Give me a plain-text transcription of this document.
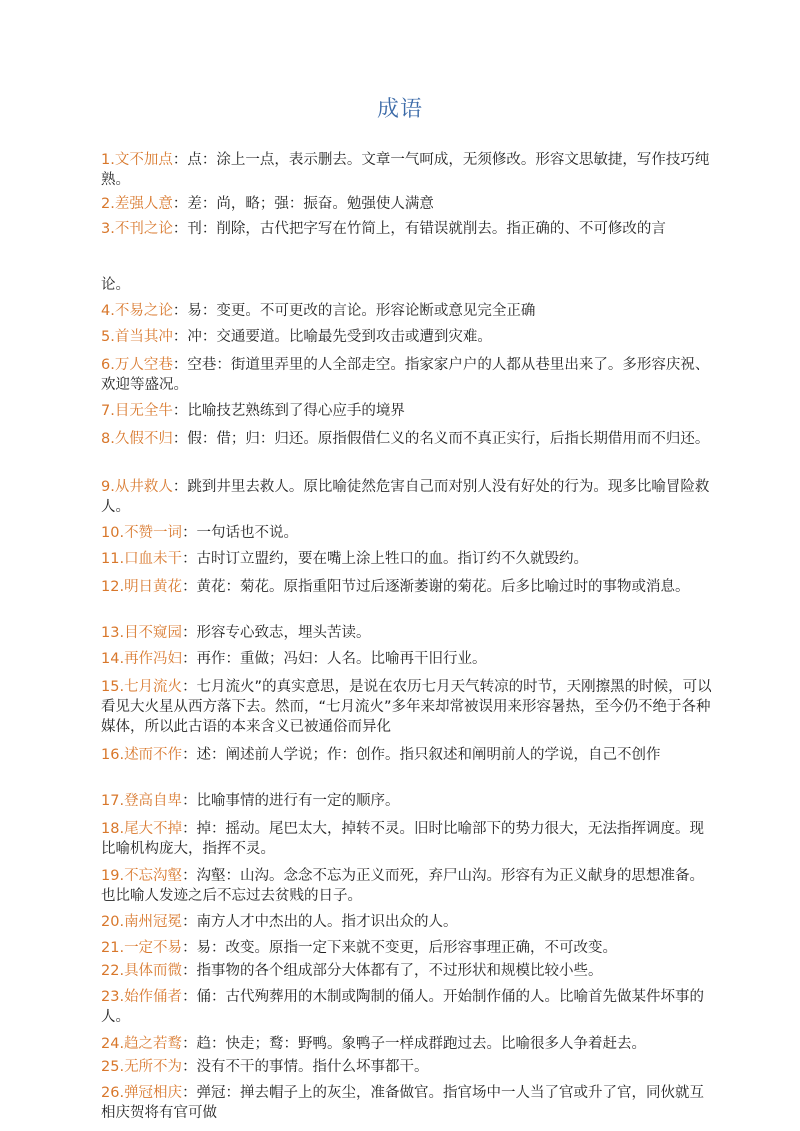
成语
1.文不加点：点：涂上一点，表示删去。文章一气呵成，无须修改。形容文思敏捷，写作技巧纯熟。
2.差强人意：差：尚，略；强：振奋。勉强使人满意
3.不刊之论：刊：削除，古代把字写在竹简上，有错误就削去。指正确的、不可修改的言
论。
4.不易之论：易：变更。不可更改的言论。形容论断或意见完全正确
5.首当其冲：冲：交通要道。比喻最先受到攻击或遭到灾难。
6.万人空巷：空巷：街道里弄里的人全部走空。指家家户户的人都从巷里出来了。多形容庆祝、欢迎等盛况。
7.目无全牛：比喻技艺熟练到了得心应手的境界
8.久假不归：假：借；归：归还。原指假借仁义的名义而不真正实行，后指长期借用而不归还。
9.从井救人：跳到井里去救人。原比喻徒然危害自己而对别人没有好处的行为。现多比喻冒险救人。
10.不赞一词：一句话也不说。
11.口血未干：古时订立盟约，要在嘴上涂上牲口的血。指订约不久就毁约。
12.明日黄花：黄花：菊花。原指重阳节过后逐渐萎谢的菊花。后多比喻过时的事物或消息。
13.目不窥园：形容专心致志，埋头苦读。
14.再作冯妇：再作：重做；冯妇：人名。比喻再干旧行业。
15.七月流火：七月流火”的真实意思，是说在农历七月天气转凉的时节，天刚擦黑的时候，可以看见大火星从西方落下去。然而，“七月流火”多年来却常被误用来形容暑热，至今仍不绝于各种媒体，所以此古语的本来含义已被通俗而异化
16.述而不作：述：阐述前人学说；作：创作。指只叙述和阐明前人的学说，自己不创作
17.登高自卑：比喻事情的进行有一定的顺序。
18.尾大不掉：掉：摇动。尾巴太大，掉转不灵。旧时比喻部下的势力很大，无法指挥调度。现比喻机构庞大，指挥不灵。
19.不忘沟壑：沟壑：山沟。念念不忘为正义而死，弃尸山沟。形容有为正义献身的思想准备。也比喻人发迹之后不忘过去贫贱的日子。
20.南州冠冕：南方人才中杰出的人。指才识出众的人。
21.一定不易：易：改变。原指一定下来就不变更，后形容事理正确，不可改变。
22.具体而微：指事物的各个组成部分大体都有了，不过形状和规模比较小些。
23.始作俑者：俑：古代殉葬用的木制或陶制的俑人。开始制作俑的人。比喻首先做某件坏事的人。
24.趋之若鹜：趋：快走；鹜：野鸭。象鸭子一样成群跑过去。比喻很多人争着赶去。
25.无所不为：没有不干的事情。指什么坏事都干。
26.弹冠相庆：弹冠：掸去帽子上的灰尘，准备做官。指官场中一人当了官或升了官，同伙就互相庆贺将有官可做
